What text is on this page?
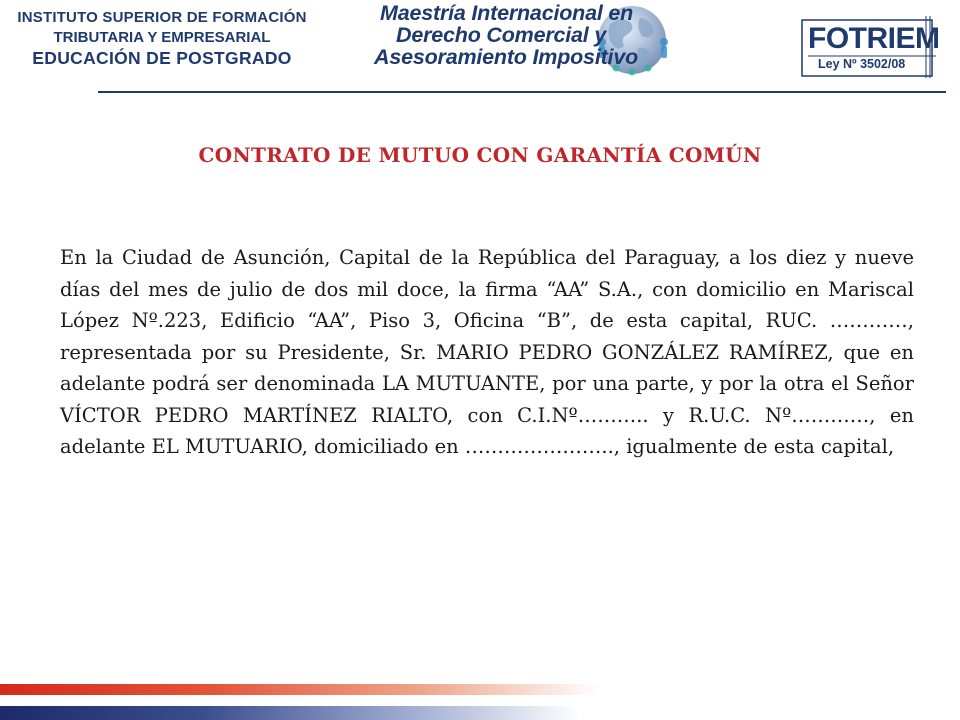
INSTITUTO SUPERIOR DE FORMACIÓN
TRIBUTARIA Y EMPRESARIAL
EDUCACIÓN DE POSTGRADO
Maestría Internacional en
Derecho Comercial y
Asesoramiento Impositivo
FOTRIEM
Ley Nº 3502/08
CONTRATO DE MUTUO CON GARANTÍA COMÚN
En la Ciudad de Asunción, Capital de la República del Paraguay, a los diez y nueve días del mes de julio de dos mil doce, la firma “AA” S.A., con domicilio en Mariscal López Nº.223, Edificio “AA”, Piso 3, Oficina “B”, de esta capital, RUC. …………, representada por su Presidente, Sr. MARIO PEDRO GONZÁLEZ RAMÍREZ, que en adelante podrá ser denominada LA MUTUANTE, por una parte, y por la otra el Señor VÍCTOR PEDRO MARTÍNEZ RIALTO, con C.I.Nº……….. y R.U.C. Nº…………, en adelante EL MUTUARIO, domiciliado en ………………….., igualmente de esta capital,
